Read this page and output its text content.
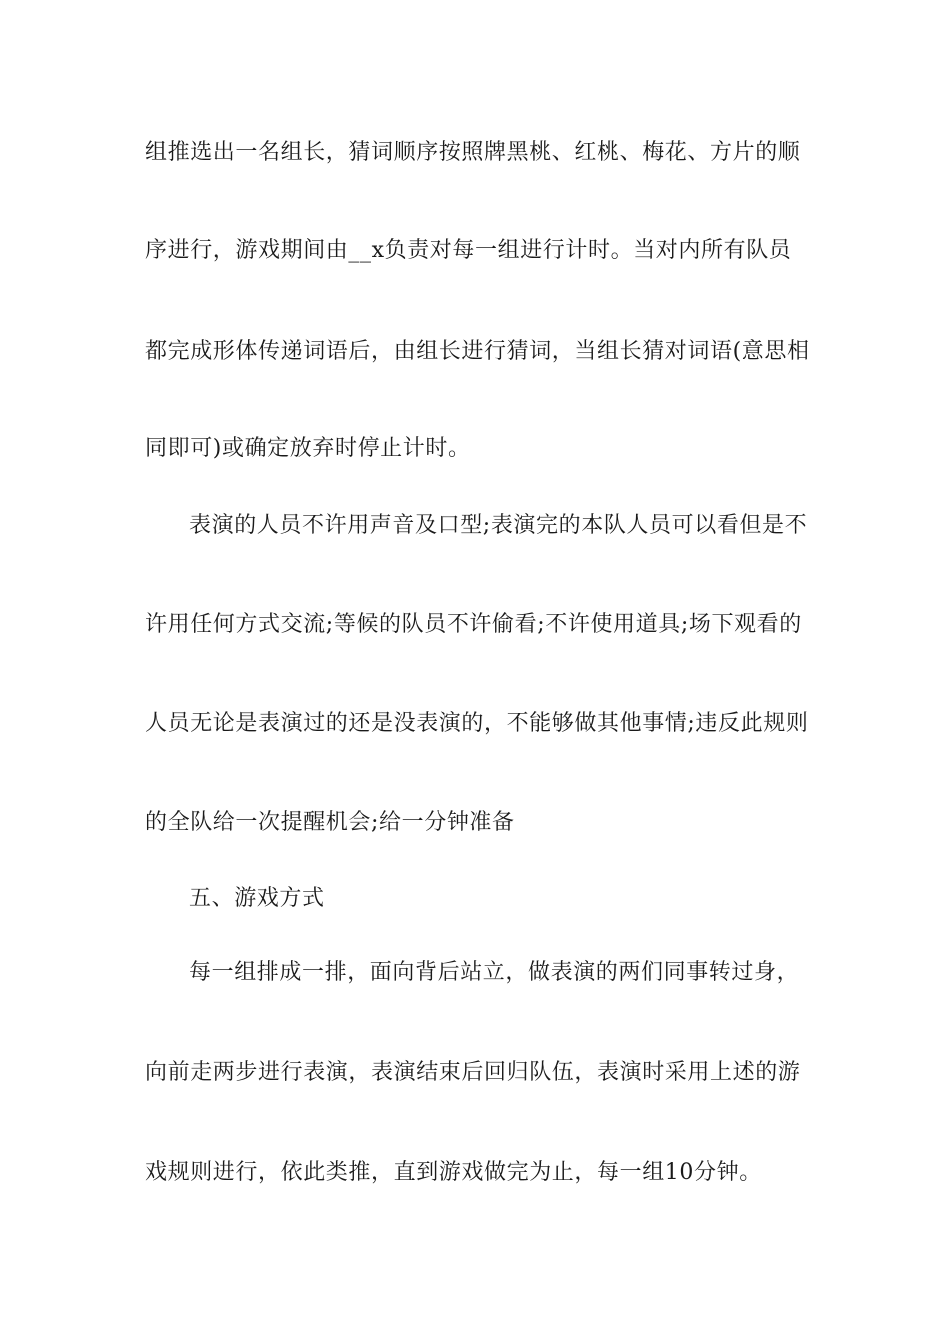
组推选出一名组长，猜词顺序按照牌黑桃、红桃、梅花、方片的顺
序进行，游戏期间由__x负责对每一组进行计时。当对内所有队员
都完成形体传递词语后，由组长进行猜词，当组长猜对词语(意思相
同即可)或确定放弃时停止计时。
表演的人员不许用声音及口型;表演完的本队人员可以看但是不
许用任何方式交流;等候的队员不许偷看;不许使用道具;场下观看的
人员无论是表演过的还是没表演的，不能够做其他事情;违反此规则
的全队给一次提醒机会;给一分钟准备
五、游戏方式
每一组排成一排，面向背后站立，做表演的两们同事转过身，
向前走两步进行表演，表演结束后回归队伍，表演时采用上述的游
戏规则进行，依此类推，直到游戏做完为止，每一组10分钟。
